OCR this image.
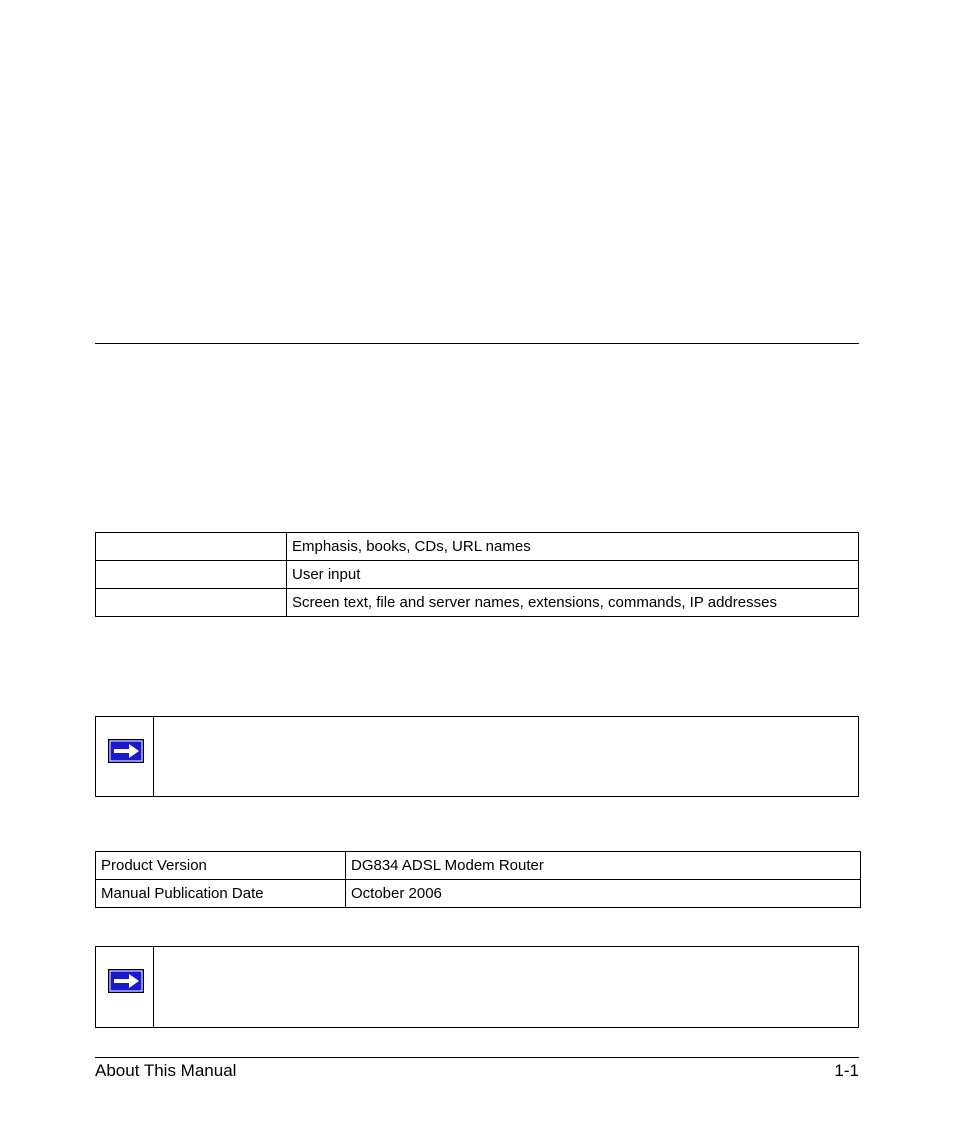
	Emphasis, books, CDs, URL names
	User input
	Screen text, file and server names, extensions, commands, IP addresses
Product Version	DG834 ADSL Modem Router
Manual Publication Date	October 2006
About This Manual	1-1
